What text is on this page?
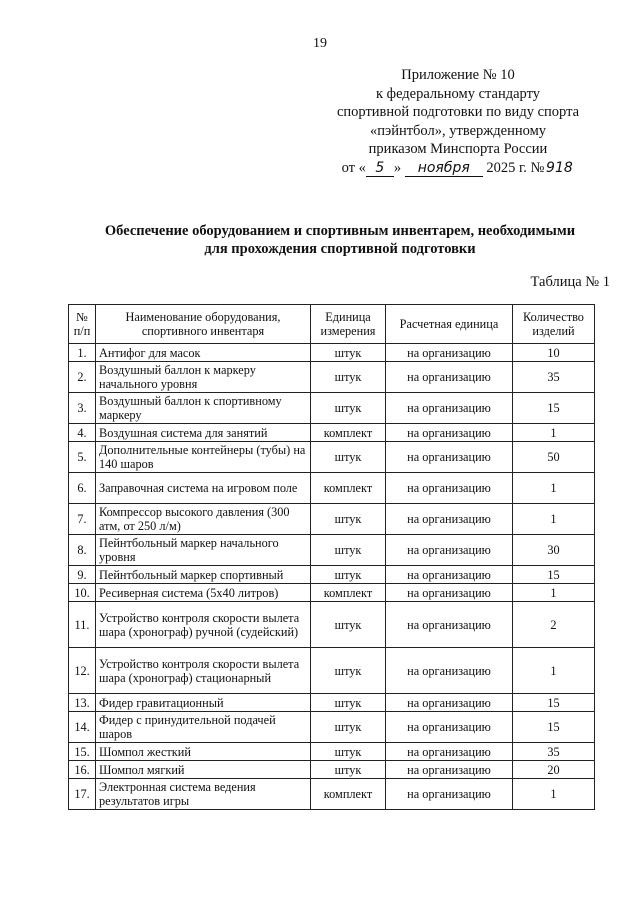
19
Приложение № 10
к федеральному стандарту
спортивной подготовки по виду спорта
«пэйнтбол», утвержденному
приказом Минспорта России
от « 5 » ноября 2025 г. № 918
Обеспечение оборудованием и спортивным инвентарем, необходимыми
для прохождения спортивной подготовки
Таблица № 1
№ п/п	Наименование оборудования, спортивного инвентаря	Единица измерения	Расчетная единица	Количество изделий
1.	Антифог для масок	штук	на организацию	10
2.	Воздушный баллон к маркеру начального уровня	штук	на организацию	35
3.	Воздушный баллон к спортивному маркеру	штук	на организацию	15
4.	Воздушная система для занятий	комплект	на организацию	1
5.	Дополнительные контейнеры (тубы) на 140 шаров	штук	на организацию	50
6.	Заправочная система на игровом поле	комплект	на организацию	1
7.	Компрессор высокого давления (300 атм, от 250 л/м)	штук	на организацию	1
8.	Пейнтбольный маркер начального уровня	штук	на организацию	30
9.	Пейнтбольный маркер спортивный	штук	на организацию	15
10.	Ресиверная система (5х40 литров)	комплект	на организацию	1
11.	Устройство контроля скорости вылета шара (хронограф) ручной (судейский)	штук	на организацию	2
12.	Устройство контроля скорости вылета шара (хронограф) стационарный	штук	на организацию	1
13.	Фидер гравитационный	штук	на организацию	15
14.	Фидер с принудительной подачей шаров	штук	на организацию	15
15.	Шомпол жесткий	штук	на организацию	35
16.	Шомпол мягкий	штук	на организацию	20
17.	Электронная система ведения результатов игры	комплект	на организацию	1
